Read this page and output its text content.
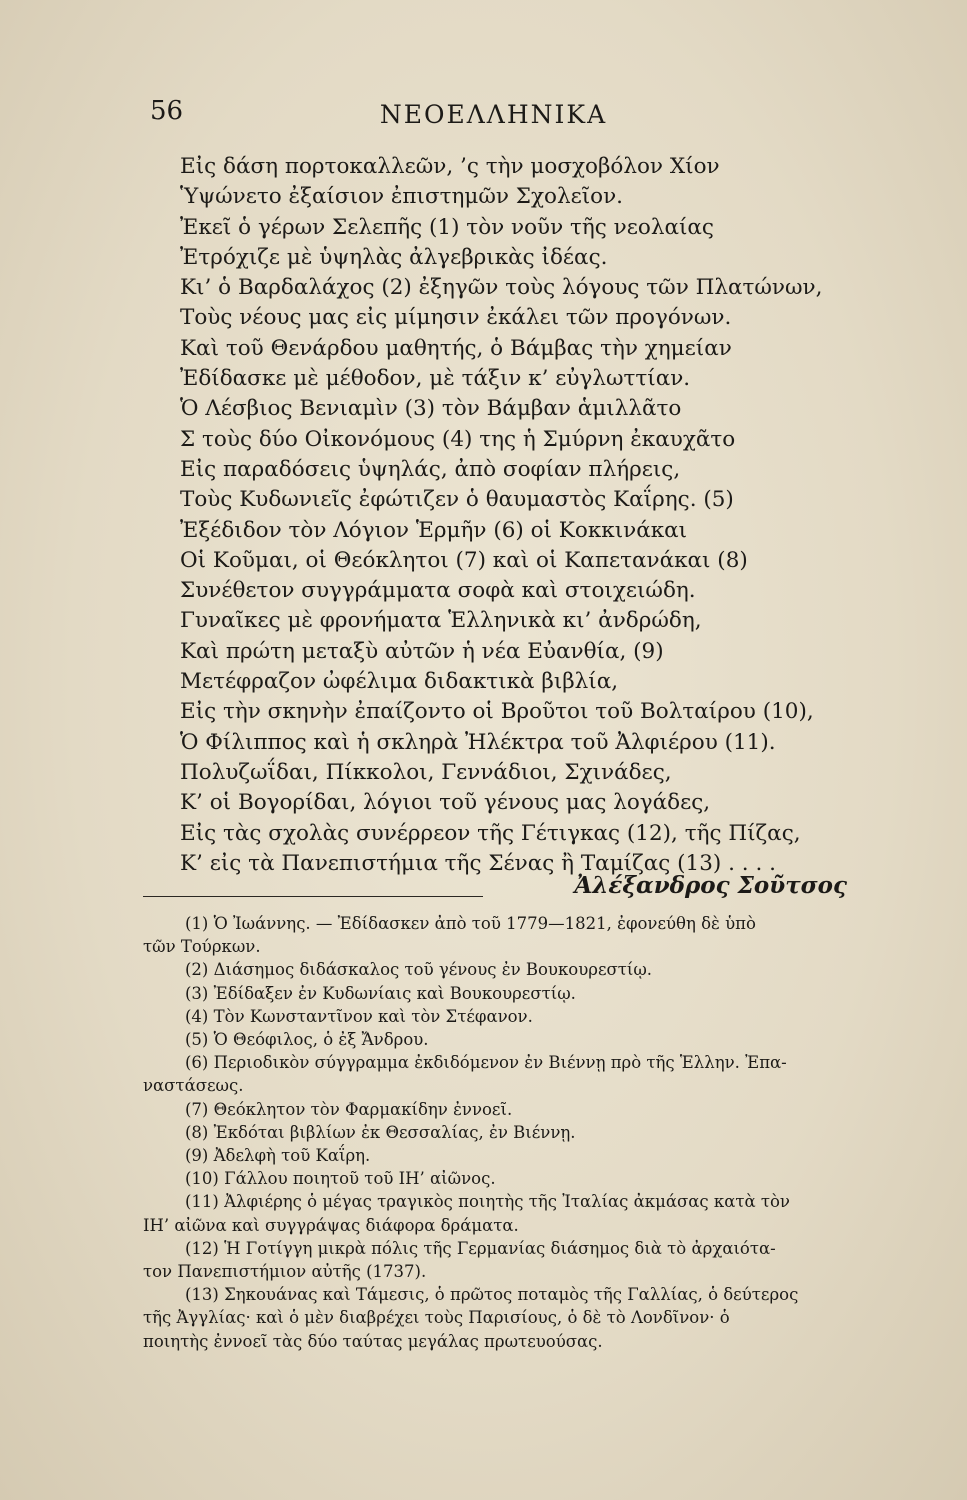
56	ΝΕΟΕΛΛΗΝΙΚΑ
Εἰς δάση πορτοκαλλεῶν, ’ς τὴν μοσχοβόλον Χίον
Ὑψώνετο ἐξαίσιον ἐπιστημῶν Σχολεῖον.
Ἐκεῖ ὁ γέρων Σελεπῆς (1) τὸν νοῦν τῆς νεολαίας
Ἐτρόχιζε μὲ ὑψηλὰς ἀλγεβρικὰς ἰδέας.
Κι’ ὁ Βαρδαλάχος (2) ἐξηγῶν τοὺς λόγους τῶν Πλατώνων,
Τοὺς νέους μας εἰς μίμησιν ἐκάλει τῶν προγόνων.
Καὶ τοῦ Θενάρδου μαθητής, ὁ Βάμβας τὴν χημείαν
Ἐδίδασκε μὲ μέθοδον, μὲ τάξιν κ’ εὐγλωττίαν.
Ὁ Λέσβιος Βενιαμὶν (3) τὸν Βάμβαν ἁμιλλᾶτο
Σ τοὺς δύο Οἰκονόμους (4) της ἡ Σμύρνη ἐκαυχᾶτο
Εἰς παραδόσεις ὑψηλάς, ἀπὸ σοφίαν πλήρεις,
Τοὺς Κυδωνιεῖς ἐφώτιζεν ὁ θαυμαστὸς Καΐρης. (5)
Ἐξέδιδον τὸν Λόγιον Ἑρμῆν (6) οἱ Κοκκινάκαι
Οἱ Κοῦμαι, οἱ Θεόκλητοι (7) καὶ οἱ Καπετανάκαι (8)
Συνέθετον συγγράμματα σοφὰ καὶ στοιχειώδη.
Γυναῖκες μὲ φρονήματα Ἑλληνικὰ κι’ ἀνδρώδη,
Καὶ πρώτη μεταξὺ αὐτῶν ἡ νέα Εὐανθία, (9)
Μετέφραζον ὠφέλιμα διδακτικὰ βιβλία,
Εἰς τὴν σκηνὴν ἐπαίζοντο οἱ Βροῦτοι τοῦ Βολταίρου (10),
Ὁ Φίλιππος καὶ ἡ σκληρὰ Ἠλέκτρα τοῦ Ἀλφιέρου (11).
Πολυζωΐδαι, Πίκκολοι, Γεννάδιοι, Σχινάδες,
Κ’ οἱ Βογορίδαι, λόγιοι τοῦ γένους μας λογάδες,
Εἰς τὰς σχολὰς συνέρρεον τῆς Γέτιγκας (12), τῆς Πίζας,
Κ’ εἰς τὰ Πανεπιστήμια τῆς Σένας ἢ Ταμίζας (13) . . . .
Ἀλέξανδρος Σοῦτσος
(1) Ὁ Ἰωάννης. — Ἐδίδασκεν ἀπὸ τοῦ 1779—1821, ἐφονεύθη δὲ ὑπὸ
τῶν Τούρκων.
(2) Διάσημος διδάσκαλος τοῦ γένους ἐν Βουκουρεστίῳ.
(3) Ἐδίδαξεν ἐν Κυδωνίαις καὶ Βουκουρεστίῳ.
(4) Τὸν Κωνσταντῖνον καὶ τὸν Στέφανον.
(5) Ὁ Θεόφιλος, ὁ ἐξ Ἄνδρου.
(6) Περιοδικὸν σύγγραμμα ἐκδιδόμενον ἐν Βιέννῃ πρὸ τῆς Ἑλλην. Ἐπα-
ναστάσεως.
(7) Θεόκλητον τὸν Φαρμακίδην ἐννοεῖ.
(8) Ἐκδόται βιβλίων ἐκ Θεσσαλίας, ἐν Βιέννῃ.
(9) Ἀδελφὴ τοῦ Καΐρη.
(10) Γάλλου ποιητοῦ τοῦ ΙΗ’ αἰῶνος.
(11) Ἀλφιέρης ὁ μέγας τραγικὸς ποιητὴς τῆς Ἰταλίας ἀκμάσας κατὰ τὸν
ΙΗ’ αἰῶνα καὶ συγγράψας διάφορα δράματα.
(12) Ἡ Γοτίγγη μικρὰ πόλις τῆς Γερμανίας διάσημος διὰ τὸ ἀρχαιότα-
τον Πανεπιστήμιον αὐτῆς (1737).
(13) Σηκουάνας καὶ Τάμεσις, ὁ πρῶτος ποταμὸς τῆς Γαλλίας, ὁ δεύτερος
τῆς Ἀγγλίας· καὶ ὁ μὲν διαβρέχει τοὺς Παρισίους, ὁ δὲ τὸ Λονδῖνον· ὁ
ποιητὴς ἐννοεῖ τὰς δύο ταύτας μεγάλας πρωτευούσας.
